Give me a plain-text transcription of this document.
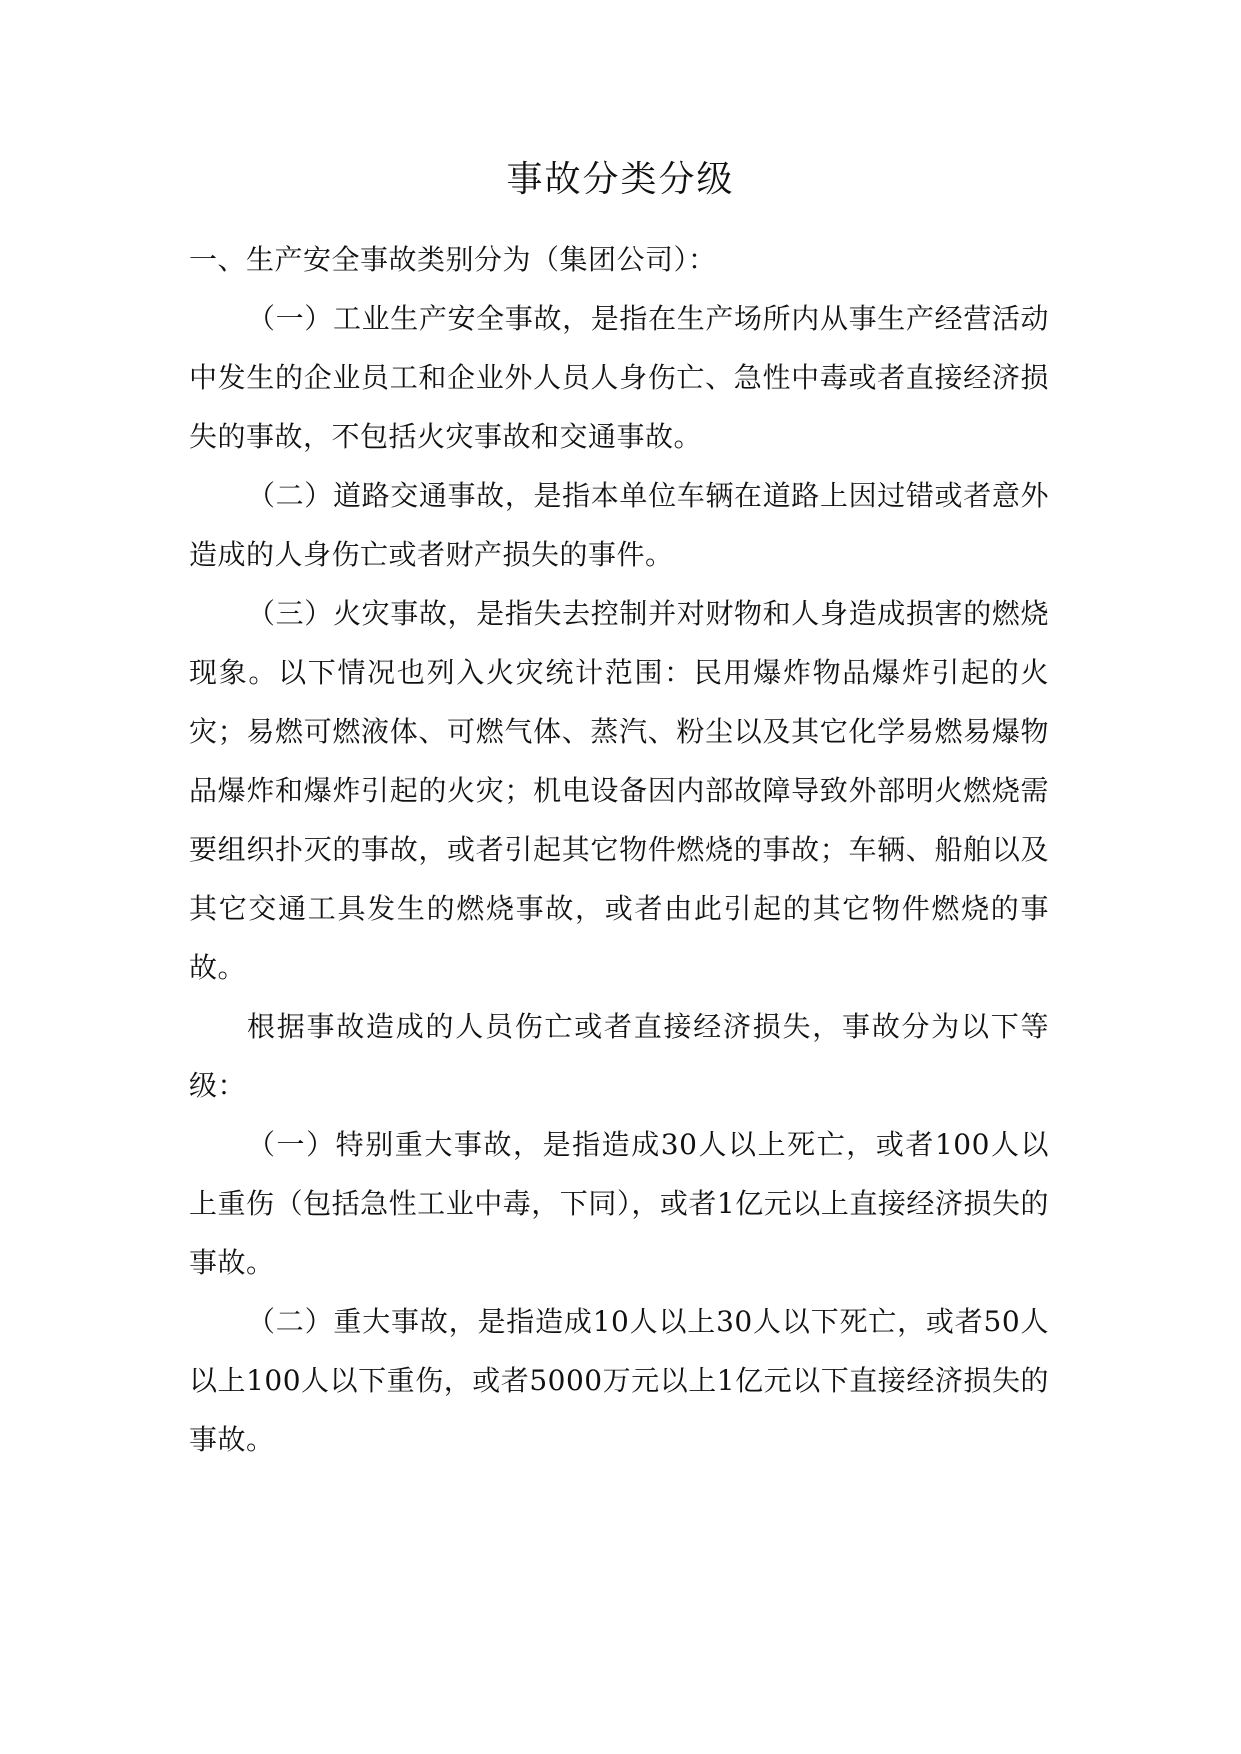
事故分类分级

一、生产安全事故类别分为（集团公司）：

（一）工业生产安全事故，是指在生产场所内从事生产经营活动中发生的企业员工和企业外人员人身伤亡、急性中毒或者直接经济损失的事故，不包括火灾事故和交通事故。

（二）道路交通事故，是指本单位车辆在道路上因过错或者意外造成的人身伤亡或者财产损失的事件。

（三）火灾事故，是指失去控制并对财物和人身造成损害的燃烧现象。以下情况也列入火灾统计范围：民用爆炸物品爆炸引起的火灾；易燃可燃液体、可燃气体、蒸汽、粉尘以及其它化学易燃易爆物品爆炸和爆炸引起的火灾；机电设备因内部故障导致外部明火燃烧需要组织扑灭的事故，或者引起其它物件燃烧的事故；车辆、船舶以及其它交通工具发生的燃烧事故，或者由此引起的其它物件燃烧的事故。

根据事故造成的人员伤亡或者直接经济损失，事故分为以下等级：

（一）特别重大事故，是指造成30人以上死亡，或者100人以上重伤（包括急性工业中毒，下同），或者1亿元以上直接经济损失的事故。

（二）重大事故，是指造成10人以上30人以下死亡，或者50人以上100人以下重伤，或者5000万元以上1亿元以下直接经济损失的事故。
